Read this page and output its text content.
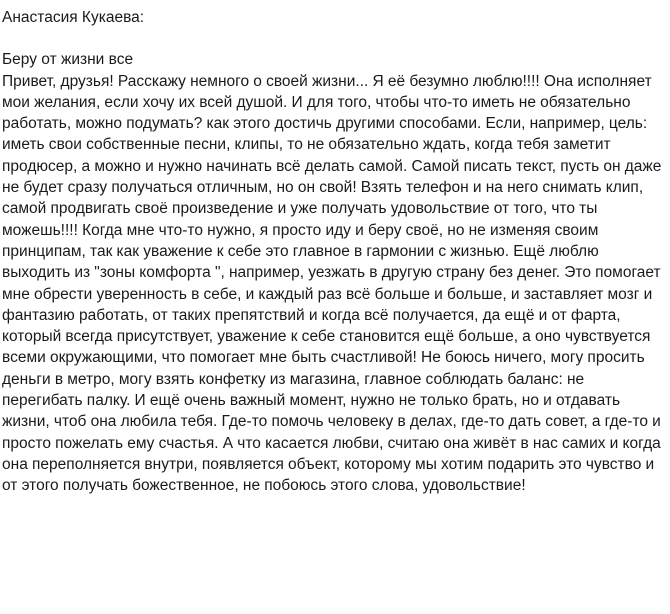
Анастасия Кукаева:

Беру от жизни все

Привет, друзья! Расскажу немного о своей жизни... Я её безумно люблю!!!! Она исполняет мои желания, если хочу их всей душой. И для того, чтобы что-то иметь не обязательно работать, можно подумать? как этого достичь другими способами. Если, например, цель: иметь свои собственные песни, клипы, то не обязательно ждать, когда тебя заметит продюсер, а можно и нужно начинать всё делать самой. Самой писать текст, пусть он даже не будет сразу получаться отличным, но он свой! Взять телефон и на него снимать клип, самой продвигать своё произведение и уже получать удовольствие от того, что ты можешь!!!! Когда мне что-то нужно, я просто иду и беру своё, но не изменяя своим принципам, так как уважение к себе это главное в гармонии с жизнью. Ещё люблю выходить из "зоны комфорта ", например, уезжать в другую страну без денег. Это помогает мне обрести уверенность в себе, и каждый раз всё больше и больше, и заставляет мозг и фантазию работать, от таких препятствий и когда всё получается, да ещё и от фарта, который всегда присутствует, уважение к себе становится ещё больше, а оно чувствуется всеми окружающими, что помогает мне быть счастливой! Не боюсь ничего, могу просить деньги в метро, могу взять конфетку из магазина, главное соблюдать баланс: не перегибать палку. И ещё очень важный момент, нужно не только брать, но и отдавать жизни, чтоб она любила тебя. Где-то помочь человеку в делах, где-то дать совет, а где-то и просто пожелать ему счастья. А что касается любви, считаю она живёт в нас самих и когда она переполняется внутри, появляется объект, которому мы хотим подарить это чувство и от этого получать божественное, не побоюсь этого слова, удовольствие!
